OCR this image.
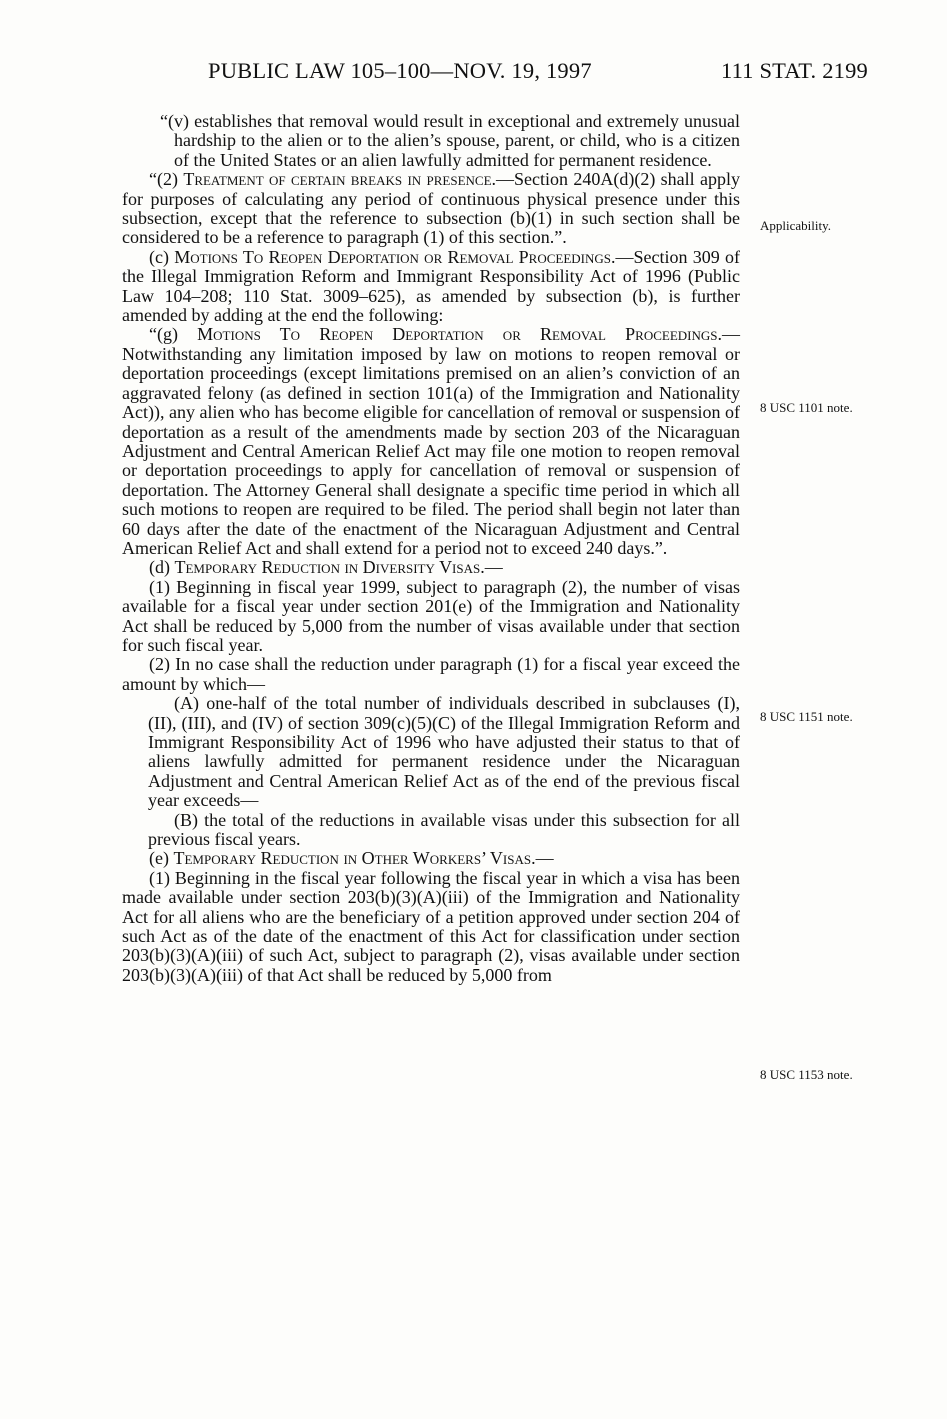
PUBLIC LAW 105–100—NOV. 19, 1997	111 STAT. 2199

“(v) establishes that removal would result in exceptional and extremely unusual hardship to the alien or to the alien’s spouse, parent, or child, who is a citizen of the United States or an alien lawfully admitted for permanent residence.

“(2) Treatment of certain breaks in presence.—Section 240A(d)(2) shall apply for purposes of calculating any period of continuous physical presence under this subsection, except that the reference to subsection (b)(1) in such section shall be considered to be a reference to paragraph (1) of this section.”.

(c) Motions To Reopen Deportation or Removal Proceedings.—Section 309 of the Illegal Immigration Reform and Immigrant Responsibility Act of 1996 (Public Law 104–208; 110 Stat. 3009–625), as amended by subsection (b), is further amended by adding at the end the following:

“(g) Motions To Reopen Deportation or Removal Proceedings.—Notwithstanding any limitation imposed by law on motions to reopen removal or deportation proceedings (except limitations premised on an alien’s conviction of an aggravated felony (as defined in section 101(a) of the Immigration and Nationality Act)), any alien who has become eligible for cancellation of removal or suspension of deportation as a result of the amendments made by section 203 of the Nicaraguan Adjustment and Central American Relief Act may file one motion to reopen removal or deportation proceedings to apply for cancellation of removal or suspension of deportation. The Attorney General shall designate a specific time period in which all such motions to reopen are required to be filed. The period shall begin not later than 60 days after the date of the enactment of the Nicaraguan Adjustment and Central American Relief Act and shall extend for a period not to exceed 240 days.”.

(d) Temporary Reduction in Diversity Visas.—

(1) Beginning in fiscal year 1999, subject to paragraph (2), the number of visas available for a fiscal year under section 201(e) of the Immigration and Nationality Act shall be reduced by 5,000 from the number of visas available under that section for such fiscal year.

(2) In no case shall the reduction under paragraph (1) for a fiscal year exceed the amount by which—

(A) one-half of the total number of individuals described in subclauses (I), (II), (III), and (IV) of section 309(c)(5)(C) of the Illegal Immigration Reform and Immigrant Responsibility Act of 1996 who have adjusted their status to that of aliens lawfully admitted for permanent residence under the Nicaraguan Adjustment and Central American Relief Act as of the end of the previous fiscal year exceeds—

(B) the total of the reductions in available visas under this subsection for all previous fiscal years.

(e) Temporary Reduction in Other Workers’ Visas.—

(1) Beginning in the fiscal year following the fiscal year in which a visa has been made available under section 203(b)(3)(A)(iii) of the Immigration and Nationality Act for all aliens who are the beneficiary of a petition approved under section 204 of such Act as of the date of the enactment of this Act for classification under section 203(b)(3)(A)(iii) of such Act, subject to paragraph (2), visas available under section 203(b)(3)(A)(iii) of that Act shall be reduced by 5,000 from

Applicability.
8 USC 1101 note.
8 USC 1151 note.
8 USC 1153 note.
